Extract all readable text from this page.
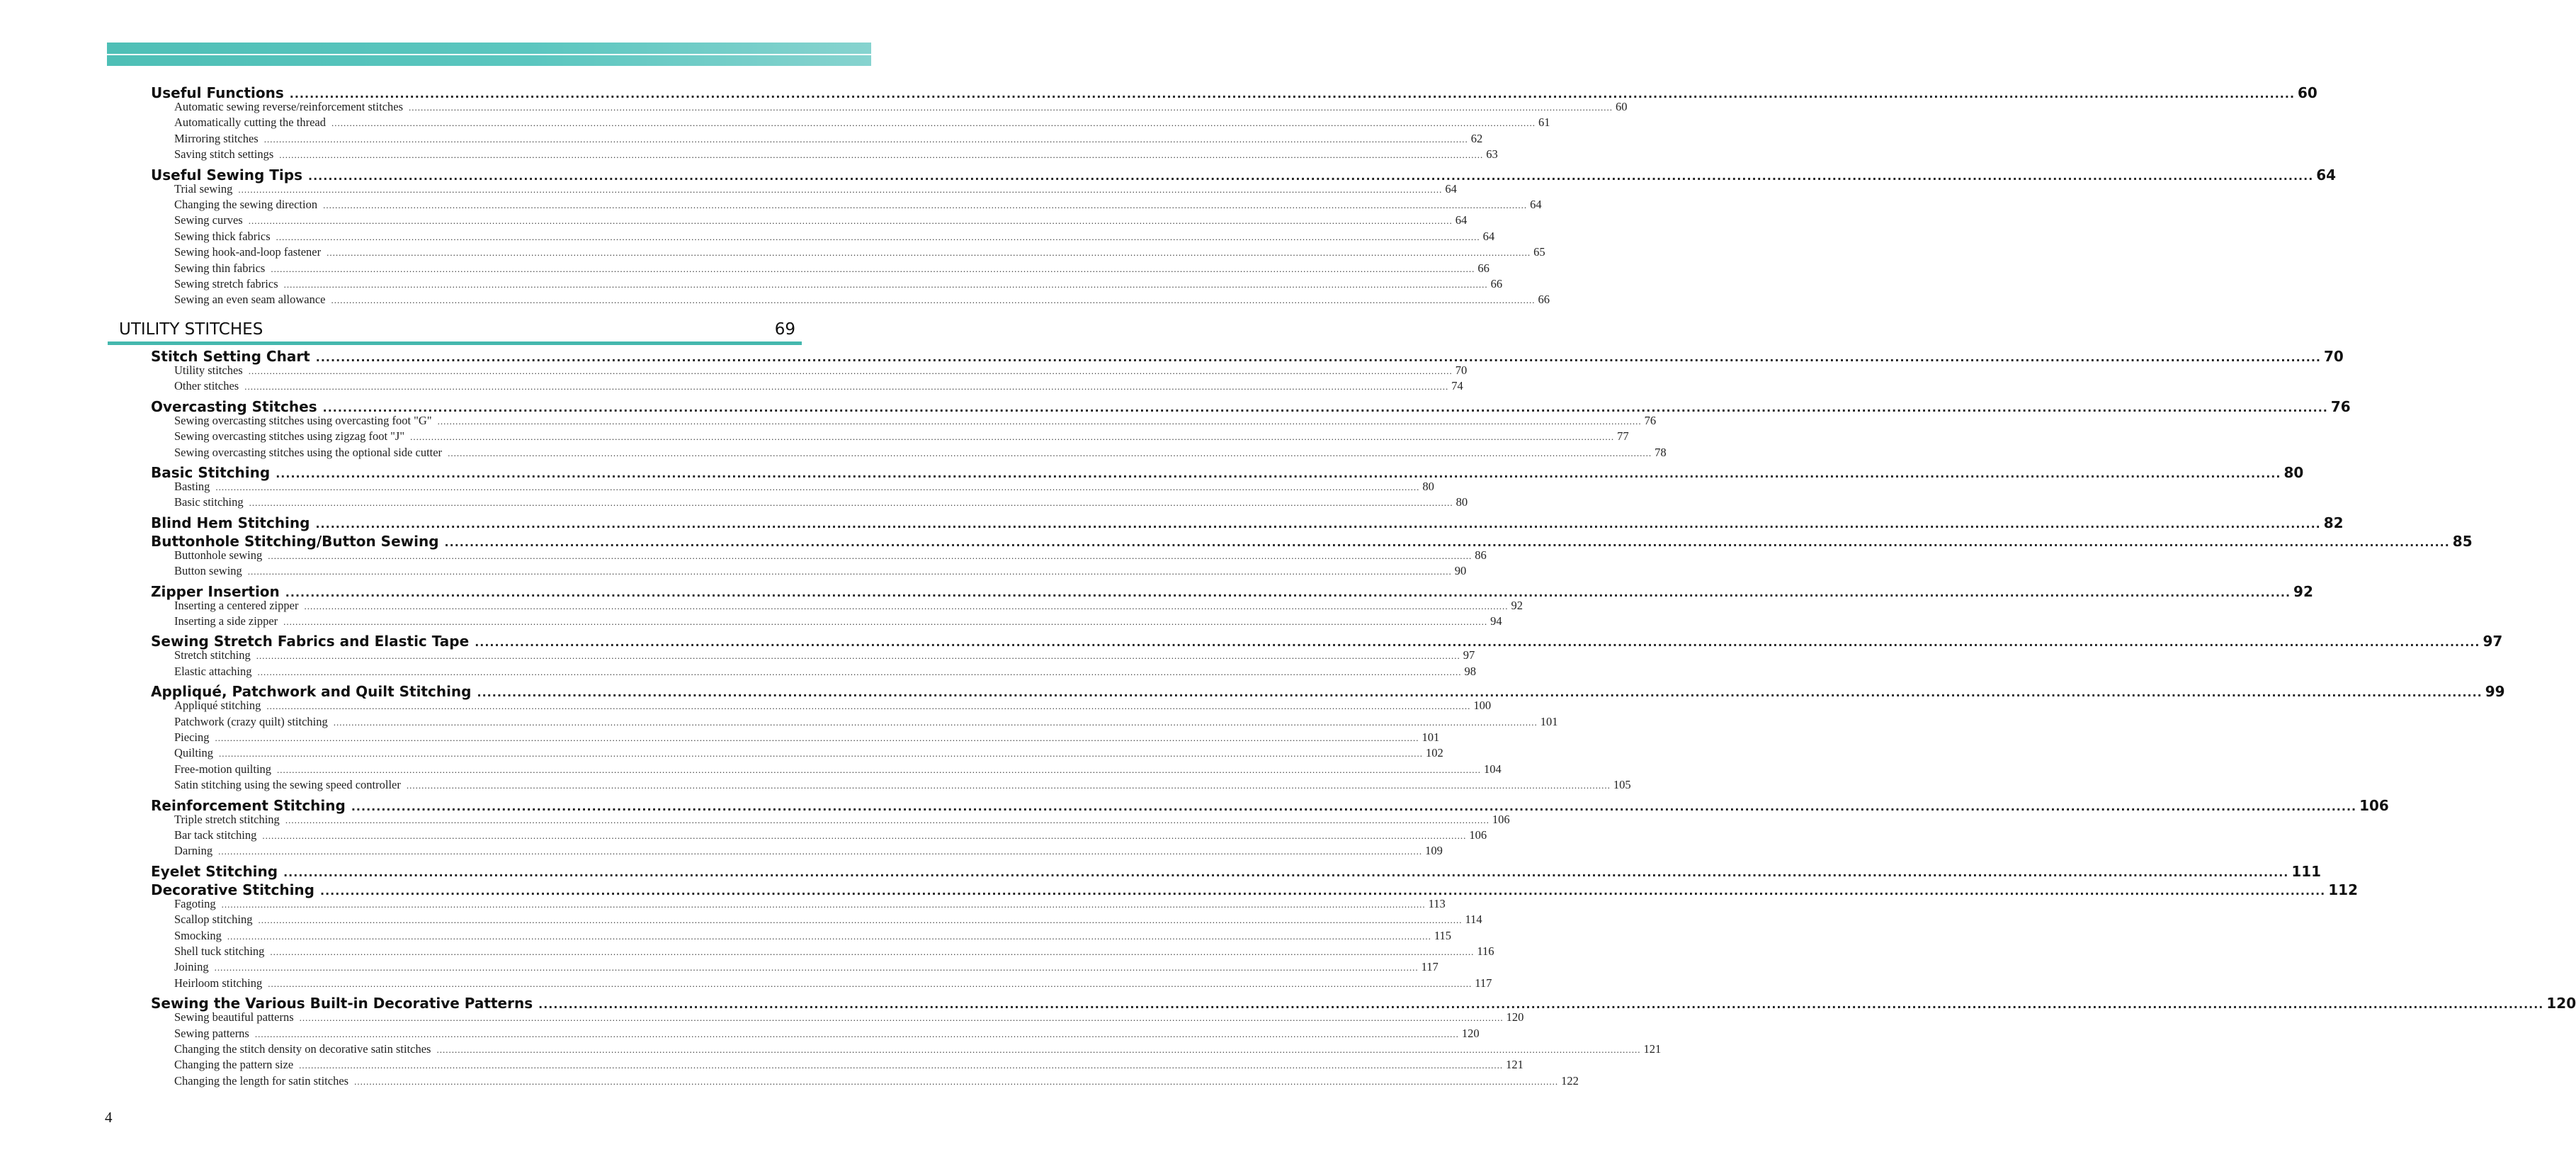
Useful Functions ................................................................................................................................................................................................................................................................................................................................................................................................................ 60
Automatic sewing reverse/reinforcement stitches ................................................................................................................................................................................................................................................................................................................................................................................................................ 60
Automatically cutting the thread ................................................................................................................................................................................................................................................................................................................................................................................................................ 61
Mirroring stitches ................................................................................................................................................................................................................................................................................................................................................................................................................ 62
Saving stitch settings ................................................................................................................................................................................................................................................................................................................................................................................................................ 63
Useful Sewing Tips ................................................................................................................................................................................................................................................................................................................................................................................................................ 64
Trial sewing ................................................................................................................................................................................................................................................................................................................................................................................................................ 64
Changing the sewing direction ................................................................................................................................................................................................................................................................................................................................................................................................................ 64
Sewing curves ................................................................................................................................................................................................................................................................................................................................................................................................................ 64
Sewing thick fabrics ................................................................................................................................................................................................................................................................................................................................................................................................................ 64
Sewing hook-and-loop fastener ................................................................................................................................................................................................................................................................................................................................................................................................................ 65
Sewing thin fabrics ................................................................................................................................................................................................................................................................................................................................................................................................................ 66
Sewing stretch fabrics ................................................................................................................................................................................................................................................................................................................................................................................................................ 66
Sewing an even seam allowance ................................................................................................................................................................................................................................................................................................................................................................................................................ 66
Stitch Setting Chart ................................................................................................................................................................................................................................................................................................................................................................................................................ 70
Utility stitches ................................................................................................................................................................................................................................................................................................................................................................................................................ 70
Other stitches ................................................................................................................................................................................................................................................................................................................................................................................................................ 74
Overcasting Stitches ................................................................................................................................................................................................................................................................................................................................................................................................................ 76
Sewing overcasting stitches using overcasting foot "G" ................................................................................................................................................................................................................................................................................................................................................................................................................ 76
Sewing overcasting stitches using zigzag foot "J" ................................................................................................................................................................................................................................................................................................................................................................................................................ 77
Sewing overcasting stitches using the optional side cutter ................................................................................................................................................................................................................................................................................................................................................................................................................ 78
Basic Stitching ................................................................................................................................................................................................................................................................................................................................................................................................................ 80
Basting ................................................................................................................................................................................................................................................................................................................................................................................................................ 80
Basic stitching ................................................................................................................................................................................................................................................................................................................................................................................................................ 80
Blind Hem Stitching ................................................................................................................................................................................................................................................................................................................................................................................................................ 82
Buttonhole Stitching/Button Sewing ................................................................................................................................................................................................................................................................................................................................................................................................................ 85
Buttonhole sewing ................................................................................................................................................................................................................................................................................................................................................................................................................ 86
Button sewing ................................................................................................................................................................................................................................................................................................................................................................................................................ 90
Zipper Insertion ................................................................................................................................................................................................................................................................................................................................................................................................................ 92
Inserting a centered zipper ................................................................................................................................................................................................................................................................................................................................................................................................................ 92
Inserting a side zipper ................................................................................................................................................................................................................................................................................................................................................................................................................ 94
Sewing Stretch Fabrics and Elastic Tape ................................................................................................................................................................................................................................................................................................................................................................................................................ 97
Stretch stitching ................................................................................................................................................................................................................................................................................................................................................................................................................ 97
Elastic attaching ................................................................................................................................................................................................................................................................................................................................................................................................................ 98
Appliqué, Patchwork and Quilt Stitching ................................................................................................................................................................................................................................................................................................................................................................................................................ 99
Appliqué stitching ................................................................................................................................................................................................................................................................................................................................................................................................................ 100
Patchwork (crazy quilt) stitching ................................................................................................................................................................................................................................................................................................................................................................................................................ 101
Piecing ................................................................................................................................................................................................................................................................................................................................................................................................................ 101
Quilting ................................................................................................................................................................................................................................................................................................................................................................................................................ 102
Free-motion quilting ................................................................................................................................................................................................................................................................................................................................................................................................................ 104
Satin stitching using the sewing speed controller ................................................................................................................................................................................................................................................................................................................................................................................................................ 105
Reinforcement Stitching ................................................................................................................................................................................................................................................................................................................................................................................................................ 106
Triple stretch stitching ................................................................................................................................................................................................................................................................................................................................................................................................................ 106
Bar tack stitching ................................................................................................................................................................................................................................................................................................................................................................................................................ 106
Darning ................................................................................................................................................................................................................................................................................................................................................................................................................ 109
Eyelet Stitching ................................................................................................................................................................................................................................................................................................................................................................................................................ 111
Decorative Stitching ................................................................................................................................................................................................................................................................................................................................................................................................................ 112
Fagoting ................................................................................................................................................................................................................................................................................................................................................................................................................ 113
Scallop stitching ................................................................................................................................................................................................................................................................................................................................................................................................................ 114
Smocking ................................................................................................................................................................................................................................................................................................................................................................................................................ 115
Shell tuck stitching ................................................................................................................................................................................................................................................................................................................................................................................................................ 116
Joining ................................................................................................................................................................................................................................................................................................................................................................................................................ 117
Heirloom stitching ................................................................................................................................................................................................................................................................................................................................................................................................................ 117
Sewing the Various Built-in Decorative Patterns ................................................................................................................................................................................................................................................................................................................................................................................................................ 120
Sewing beautiful patterns ................................................................................................................................................................................................................................................................................................................................................................................................................ 120
Sewing patterns ................................................................................................................................................................................................................................................................................................................................................................................................................ 120
Changing the stitch density on decorative satin stitches ................................................................................................................................................................................................................................................................................................................................................................................................................ 121
Changing the pattern size ................................................................................................................................................................................................................................................................................................................................................................................................................ 121
Changing the length for satin stitches ................................................................................................................................................................................................................................................................................................................................................................................................................ 122
UTILITY STITCHES	69
4
